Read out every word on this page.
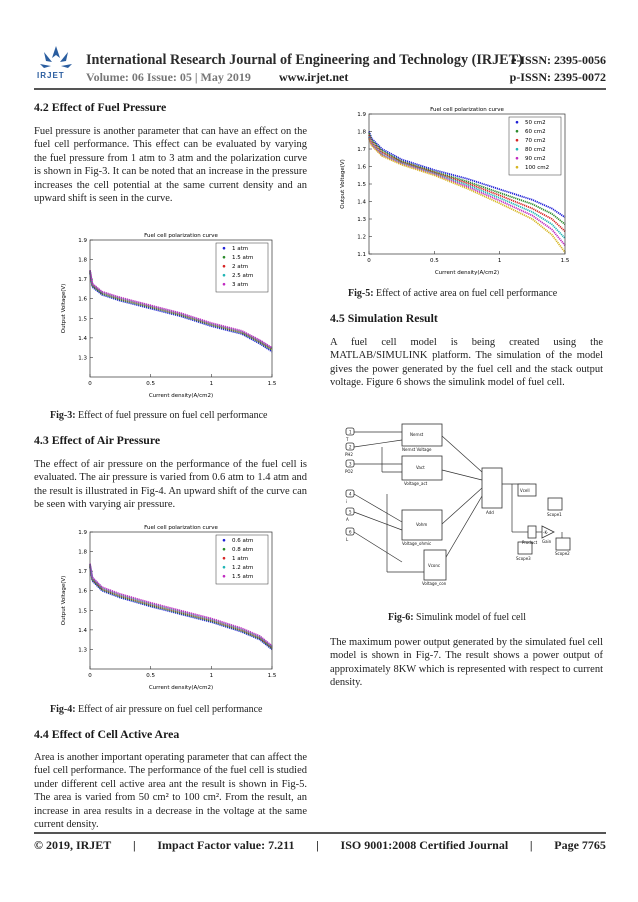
IRJET
International Research Journal of Engineering and Technology (IRJET)
e-ISSN: 2395-0056
Volume: 06 Issue: 05 | May 2019 www.irjet.net	p-ISSN: 2395-0072
4.2 Effect of Fuel Pressure

Fuel pressure is another parameter that can have an effect on the fuel cell performance. This effect can be evaluated by varying the fuel pressure from 1 atm to 3 atm and the polarization curve is shown in Fig-3. It can be noted that an increase in the pressure increases the cell potential at the same current density and an upward shift is seen in the curve.

Fuel cell polarization curve
1.3
1.4
1.5
1.6
1.7
1.8
1.9
0	0.5	1	1.5
Current density(A/cm2)
Output Voltage(V)
1 atm
1.5 atm
2 atm
2.5 atm
3 atm
Fig-3: Effect of fuel pressure on fuel cell performance
4.3 Effect of Air Pressure

The effect of air pressure on the performance of the fuel cell is evaluated. The air pressure is varied from 0.6 atm to 1.4 atm and the result is illustrated in Fig-4. An upward shift of the curve can be seen with varying air pressure.

Fuel cell polarization curve
1.3
1.4
1.5
1.6
1.7
1.8
1.9
0	0.5	1	1.5
Current density(A/cm2)
Output Voltage(V)
0.6 atm
0.8 atm
1 atm
1.2 atm
1.5 atm
Fig-4: Effect of air pressure on fuel cell performance
4.4 Effect of Cell Active Area

Area is another important operating parameter that can affect the fuel cell performance. The performance of the fuel cell is studied under different cell active area ant the result is shown in Fig-5. The area is varied from 50 cm² to 100 cm². From the result, an increase in area results in a decrease in the voltage at the same current density.

Fuel cell polarization curve
1.1
1.2
1.3
1.4
1.5
1.6
1.7
1.8
1.9
0	0.5	1	1.5
Current density(A/cm2)
Output Voltage(V)
50 cm2
60 cm2
70 cm2
80 cm2
90 cm2
100 cm2
Fig-5: Effect of active area on fuel cell performance
4.5 Simulation Result

A fuel cell model is being created using the MATLAB/SIMULINK platform. The simulation of the model gives the power generated by the fuel cell and the stack output voltage. Figure 6 shows the simulink model of fuel cell.

1
2
3
4
5
6
T
PH2
PO2
i
A
L
Nernst
Nernst Voltage
Vact
Voltage_act
Vohm
Voltage_ohmic
Vconc
Voltage_con
Add
Vcell
Scope1
Product Gain
Scope2
Scope3
-K-
Fig-6: Simulink model of fuel cell

The maximum power output generated by the simulated fuel cell model is shown in Fig-7. The result shows a power output of approximately 8KW which is represented with respect to current density.

© 2019, IRJET | Impact Factor value: 7.211 | ISO 9001:2008 Certified Journal | Page 7765
